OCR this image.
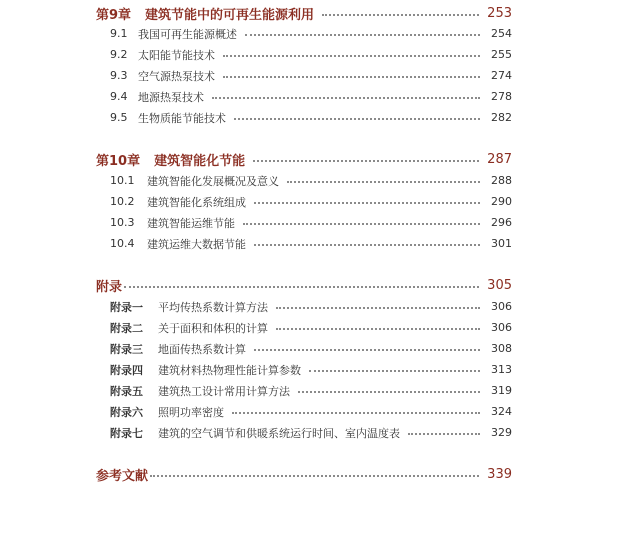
第9章 建筑节能中的可再生能源利用	253
9.1 我国可再生能源概述	254
9.2 太阳能节能技术	255
9.3 空气源热泵技术	274
9.4 地源热泵技术	278
9.5 生物质能节能技术	282
第10章 建筑智能化节能	287
10.1	建筑智能化发展概况及意义	288
10.2	建筑智能化系统组成	290
10.3	建筑智能运维节能	296
10.4	建筑运维大数据节能	301
附录	305
附录一	平均传热系数计算方法	306
附录二	关于面积和体积的计算	306
附录三	地面传热系数计算	308
附录四	建筑材料热物理性能计算参数	313
附录五	建筑热工设计常用计算方法	319
附录六	照明功率密度	324
附录七	建筑的空气调节和供暖系统运行时间、室内温度表	329
参考文献	339
